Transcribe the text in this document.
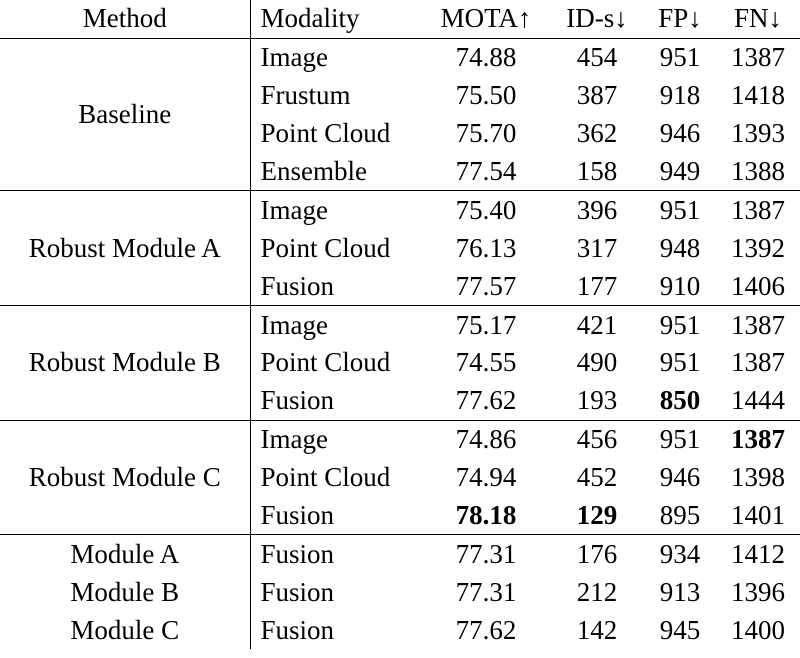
Method	Modality	MOTA↑	ID-s↓	FP↓	FN↓
Baseline	Image	74.88	454	951	1387
	Frustum	75.50	387	918	1418
	Point Cloud	75.70	362	946	1393
	Ensemble	77.54	158	949	1388
Robust Module A	Image	75.40	396	951	1387
	Point Cloud	76.13	317	948	1392
	Fusion	77.57	177	910	1406
Robust Module B	Image	75.17	421	951	1387
	Point Cloud	74.55	490	951	1387
	Fusion	77.62	193	850	1444
Robust Module C	Image	74.86	456	951	1387
	Point Cloud	74.94	452	946	1398
	Fusion	78.18	129	895	1401
Module A	Fusion	77.31	176	934	1412
Module B	Fusion	77.31	212	913	1396
Module C	Fusion	77.62	142	945	1400
